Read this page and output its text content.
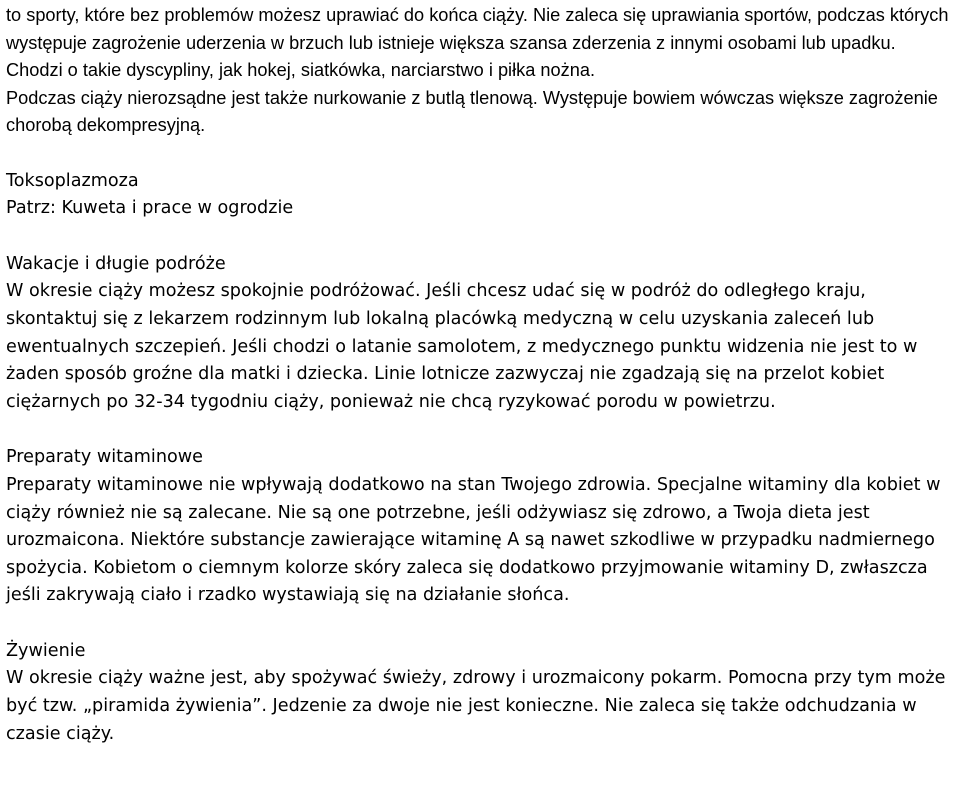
to sporty, które bez problemów możesz uprawiać do końca ciąży. Nie zaleca się uprawiania sportów, podczas których występuje zagrożenie uderzenia w brzuch lub istnieje większa szansa zderzenia z innymi osobami lub upadku. Chodzi o takie dyscypliny, jak hokej, siatkówka, narciarstwo i piłka nożna.

Podczas ciąży nierozsądne jest także nurkowanie z butlą tlenową. Występuje bowiem wówczas większe zagrożenie chorobą dekompresyjną.

Toksoplazmoza

Patrz: Kuweta i prace w ogrodzie

Wakacje i długie podróże

W okresie ciąży możesz spokojnie podróżować. Jeśli chcesz udać się w podróż do odległego kraju, skontaktuj się z lekarzem rodzinnym lub lokalną placówką medyczną w celu uzyskania zaleceń lub ewentualnych szczepień. Jeśli chodzi o latanie samolotem, z medycznego punktu widzenia nie jest to w żaden sposób groźne dla matki i dziecka. Linie lotnicze zazwyczaj nie zgadzają się na przelot kobiet ciężarnych po 32-34 tygodniu ciąży, ponieważ nie chcą ryzykować porodu w powietrzu.

Preparaty witaminowe

Preparaty witaminowe nie wpływają dodatkowo na stan Twojego zdrowia. Specjalne witaminy dla kobiet w ciąży również nie są zalecane. Nie są one potrzebne, jeśli odżywiasz się zdrowo, a Twoja dieta jest urozmaicona. Niektóre substancje zawierające witaminę A są nawet szkodliwe w przypadku nadmiernego spożycia. Kobietom o ciemnym kolorze skóry zaleca się dodatkowo przyjmowanie witaminy D, zwłaszcza jeśli zakrywają ciało i rzadko wystawiają się na działanie słońca.

Żywienie

W okresie ciąży ważne jest, aby spożywać świeży, zdrowy i urozmaicony pokarm. Pomocna przy tym może być tzw. „piramida żywienia”. Jedzenie za dwoje nie jest konieczne. Nie zaleca się także odchudzania w czasie ciąży.
